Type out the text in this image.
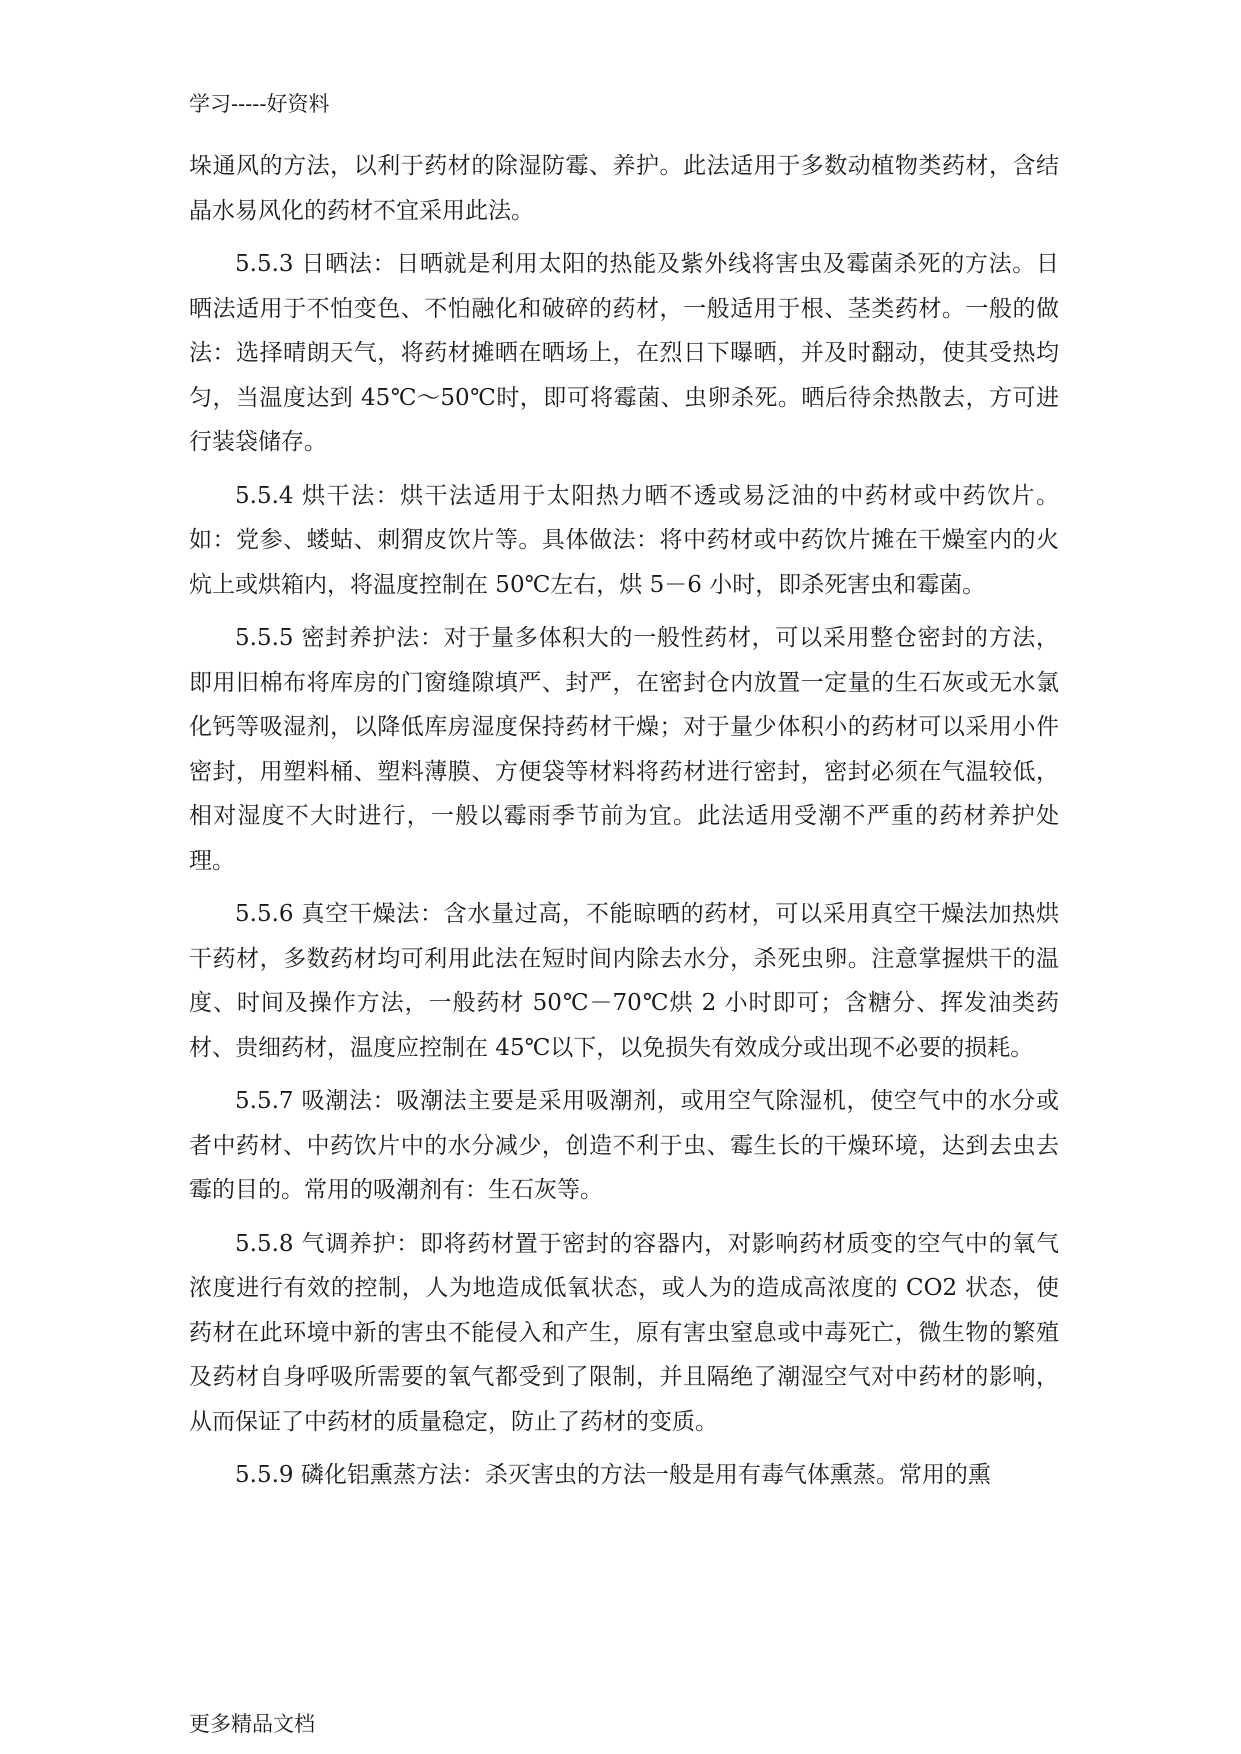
学习-----好资料

垛通风的方法，以利于药材的除湿防霉、养护。此法适用于多数动植物类药材，含结晶水易风化的药材不宜采用此法。

5.5.3 日晒法：日晒就是利用太阳的热能及紫外线将害虫及霉菌杀死的方法。日晒法适用于不怕变色、不怕融化和破碎的药材，一般适用于根、茎类药材。一般的做法：选择晴朗天气，将药材摊晒在晒场上，在烈日下曝晒，并及时翻动，使其受热均匀，当温度达到 45℃～50℃时，即可将霉菌、虫卵杀死。晒后待余热散去，方可进行装袋储存。

5.5.4 烘干法：烘干法适用于太阳热力晒不透或易泛油的中药材或中药饮片。如：党参、蝼蛄、刺猬皮饮片等。具体做法：将中药材或中药饮片摊在干燥室内的火炕上或烘箱内，将温度控制在 50℃左右，烘 5－6 小时，即杀死害虫和霉菌。

5.5.5 密封养护法：对于量多体积大的一般性药材，可以采用整仓密封的方法，即用旧棉布将库房的门窗缝隙填严、封严，在密封仓内放置一定量的生石灰或无水氯化钙等吸湿剂，以降低库房湿度保持药材干燥；对于量少体积小的药材可以采用小件密封，用塑料桶、塑料薄膜、方便袋等材料将药材进行密封，密封必须在气温较低，相对湿度不大时进行，一般以霉雨季节前为宜。此法适用受潮不严重的药材养护处理。

5.5.6 真空干燥法：含水量过高，不能晾晒的药材，可以采用真空干燥法加热烘干药材，多数药材均可利用此法在短时间内除去水分，杀死虫卵。注意掌握烘干的温度、时间及操作方法，一般药材 50℃－70℃烘 2 小时即可；含糖分、挥发油类药材、贵细药材，温度应控制在 45℃以下，以免损失有效成分或出现不必要的损耗。

5.5.7 吸潮法：吸潮法主要是采用吸潮剂，或用空气除湿机，使空气中的水分或者中药材、中药饮片中的水分减少，创造不利于虫、霉生长的干燥环境，达到去虫去霉的目的。常用的吸潮剂有：生石灰等。

5.5.8 气调养护：即将药材置于密封的容器内，对影响药材质变的空气中的氧气浓度进行有效的控制，人为地造成低氧状态，或人为的造成高浓度的 CO2 状态，使药材在此环境中新的害虫不能侵入和产生，原有害虫窒息或中毒死亡，微生物的繁殖及药材自身呼吸所需要的氧气都受到了限制，并且隔绝了潮湿空气对中药材的影响，从而保证了中药材的质量稳定，防止了药材的变质。

5.5.9 磷化铝熏蒸方法：杀灭害虫的方法一般是用有毒气体熏蒸。常用的熏

更多精品文档
